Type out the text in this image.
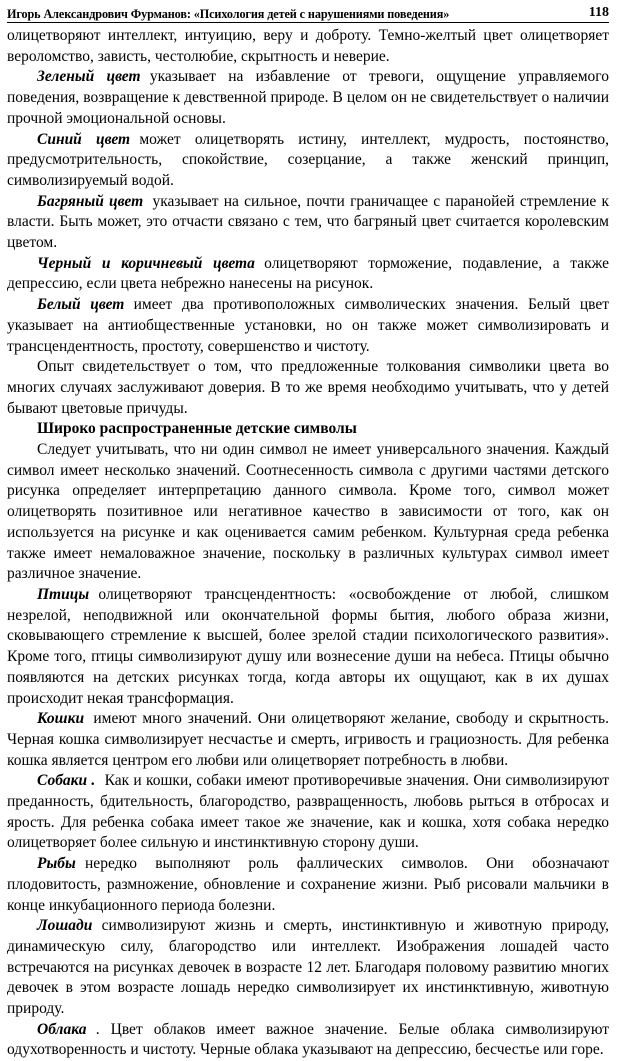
Игорь Александрович Фурманов: «Психология детей с нарушениями поведения»	118

олицетворяют интеллект, интуицию, веру и доброту. Темно-желтый цвет олицетворяет вероломство, зависть, честолюбие, скрытность и неверие.

Зеленый цвет указывает на избавление от тревоги, ощущение управляемого поведения, возвращение к девственной природе. В целом он не свидетельствует о наличии прочной эмоциональной основы.

Синий цвет может олицетворять истину, интеллект, мудрость, постоянство, предусмотрительность, спокойствие, созерцание, а также женский принцип, символизируемый водой.

Багряный цвет указывает на сильное, почти граничащее с паранойей стремление к власти. Быть может, это отчасти связано с тем, что багряный цвет считается королевским цветом.

Черный и коричневый цвета олицетворяют торможение, подавление, а также депрессию, если цвета небрежно нанесены на рисунок.

Белый цвет имеет два противоположных символических значения. Белый цвет указывает на антиобщественные установки, но он также может символизировать и трансцендентность, простоту, совершенство и чистоту.

Опыт свидетельствует о том, что предложенные толкования символики цвета во многих случаях заслуживают доверия. В то же время необходимо учитывать, что у детей бывают цветовые причуды.

Широко распространенные детские символы

Следует учитывать, что ни один символ не имеет универсального значения. Каждый символ имеет несколько значений. Соотнесенность символа с другими частями детского рисунка определяет интерпретацию данного символа. Кроме того, символ может олицетворять позитивное или негативное качество в зависимости от того, как он используется на рисунке и как оценивается самим ребенком. Культурная среда ребенка также имеет немаловажное значение, поскольку в различных культурах символ имеет различное значение.

Птицы олицетворяют трансцендентность: «освобождение от любой, слишком незрелой, неподвижной или окончательной формы бытия, любого образа жизни, сковывающего стремление к высшей, более зрелой стадии психологического развития». Кроме того, птицы символизируют душу или вознесение души на небеса. Птицы обычно появляются на детских рисунках тогда, когда авторы их ощущают, как в их душах происходит некая трансформация.

Кошки имеют много значений. Они олицетворяют желание, свободу и скрытность. Черная кошка символизирует несчастье и смерть, игривость и грациозность. Для ребенка кошка является центром его любви или олицетворяет потребность в любви.

Собаки . Как и кошки, собаки имеют противоречивые значения. Они символизируют преданность, бдительность, благородство, развращенность, любовь рыться в отбросах и ярость. Для ребенка собака имеет такое же значение, как и кошка, хотя собака нередко олицетворяет более сильную и инстинктивную сторону души.

Рыбы нередко выполняют роль фаллических символов. Они обозначают плодовитость, размножение, обновление и сохранение жизни. Рыб рисовали мальчики в конце инкубационного периода болезни.

Лошади символизируют жизнь и смерть, инстинктивную и животную природу, динамическую силу, благородство или интеллект. Изображения лошадей часто встречаются на рисунках девочек в возрасте 12 лет. Благодаря половому развитию многих девочек в этом возрасте лошадь нередко символизирует их инстинктивную, животную природу.

Облака . Цвет облаков имеет важное значение. Белые облака символизируют одухотворенность и чистоту. Черные облака указывают на депрессию, бесчестье или горе.
